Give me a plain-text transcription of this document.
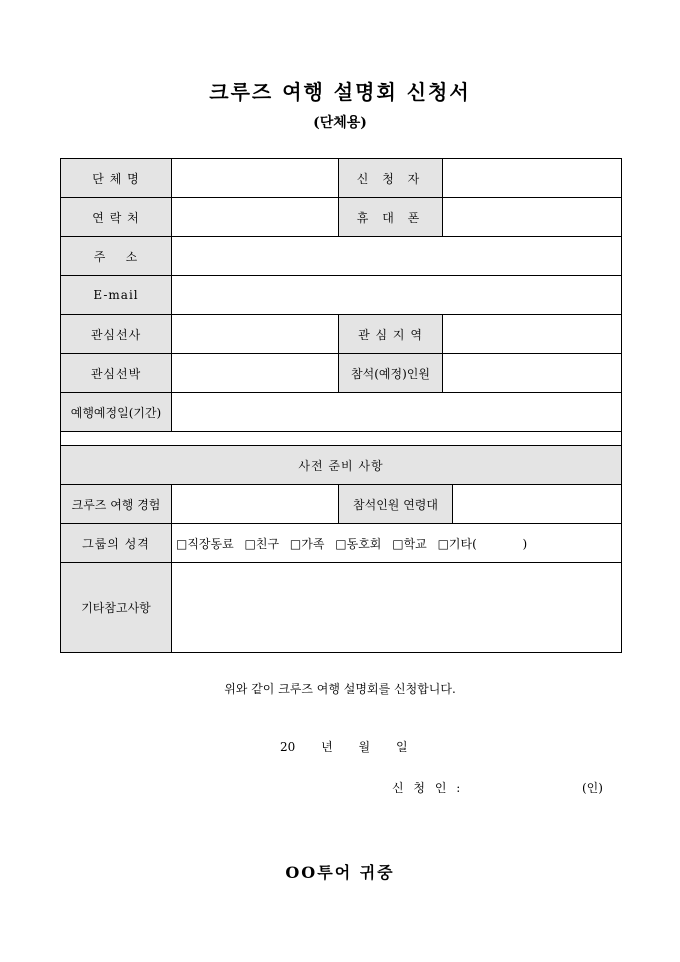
크루즈 여행 설명회 신청서
(단체용)
단 체 명		신 청 자		
연 락 처		휴 대 폰		
주    소				
E-mail				
관심선사		관 심 지 역		
관심선박		참석(예정)인원		
예행예정일(기간)				

사전 준비 사항				
크루즈 여행 경험		참석인원 연령대		
그룹의 성격	□직장동료 □친구 □가족 □동호회 □학교 □기타(            )			
기타참고사항				
위와 같이 크루즈 여행 설명회를 신청합니다.
20 년 월 일
신 청 인 :	(인)
OO투어 귀중
